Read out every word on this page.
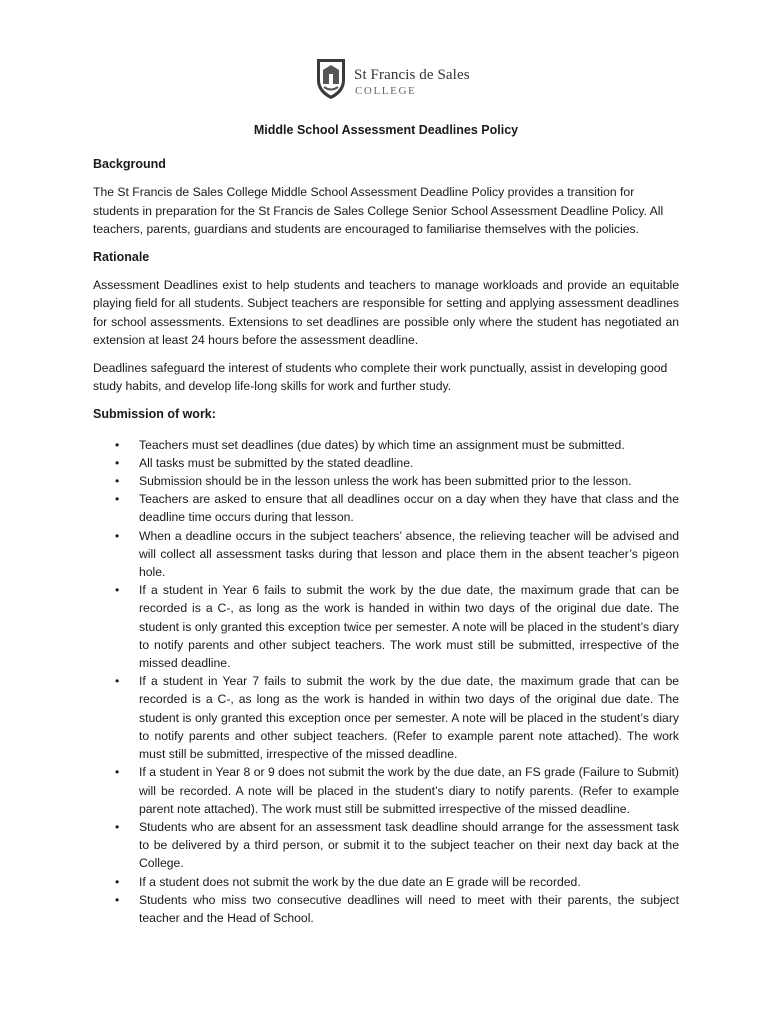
St Francis de Sales
COLLEGE
Middle School Assessment Deadlines Policy
Background

The St Francis de Sales College Middle School Assessment Deadline Policy provides a transition for students in preparation for the St Francis de Sales College Senior School Assessment Deadline Policy. All teachers, parents, guardians and students are encouraged to familiarise themselves with the policies.

Rationale

Assessment Deadlines exist to help students and teachers to manage workloads and provide an equitable playing field for all students. Subject teachers are responsible for setting and applying assessment deadlines for school assessments. Extensions to set deadlines are possible only where the student has negotiated an extension at least 24 hours before the assessment deadline.

Deadlines safeguard the interest of students who complete their work punctually, assist in developing good study habits, and develop life-long skills for work and further study.

Submission of work:
• Teachers must set deadlines (due dates) by which time an assignment must be submitted.
• All tasks must be submitted by the stated deadline.
• Submission should be in the lesson unless the work has been submitted prior to the lesson.
• Teachers are asked to ensure that all deadlines occur on a day when they have that class and the deadline time occurs during that lesson.
• When a deadline occurs in the subject teachers’ absence, the relieving teacher will be advised and will collect all assessment tasks during that lesson and place them in the absent teacher’s pigeon hole.
• If a student in Year 6 fails to submit the work by the due date, the maximum grade that can be recorded is a C-, as long as the work is handed in within two days of the original due date. The student is only granted this exception twice per semester. A note will be placed in the student’s diary to notify parents and other subject teachers. The work must still be submitted, irrespective of the missed deadline.
• If a student in Year 7 fails to submit the work by the due date, the maximum grade that can be recorded is a C-, as long as the work is handed in within two days of the original due date. The student is only granted this exception once per semester. A note will be placed in the student’s diary to notify parents and other subject teachers. (Refer to example parent note attached). The work must still be submitted, irrespective of the missed deadline.
• If a student in Year 8 or 9 does not submit the work by the due date, an FS grade (Failure to Submit) will be recorded. A note will be placed in the student’s diary to notify parents. (Refer to example parent note attached). The work must still be submitted irrespective of the missed deadline.
• Students who are absent for an assessment task deadline should arrange for the assessment task to be delivered by a third person, or submit it to the subject teacher on their next day back at the College.
• If a student does not submit the work by the due date an E grade will be recorded.
• Students who miss two consecutive deadlines will need to meet with their parents, the subject teacher and the Head of School.
